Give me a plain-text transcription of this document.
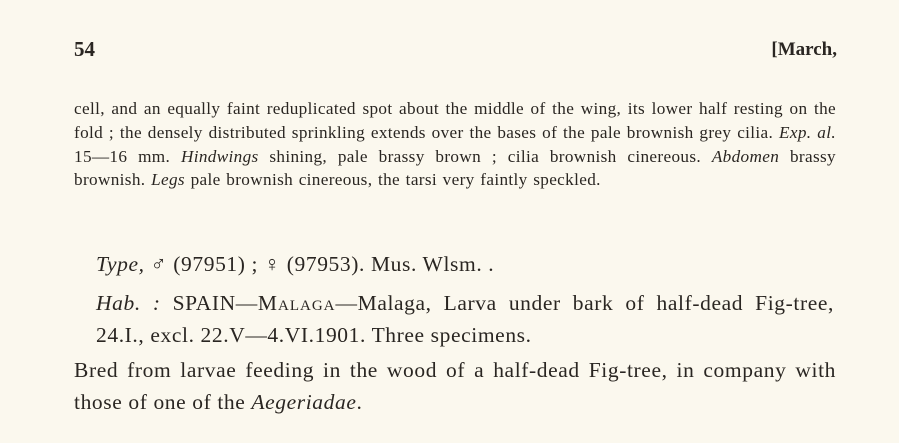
54	[March,
cell, and an equally faint reduplicated spot about the middle of the wing, its lower half resting on the fold ; the densely distributed sprinkling extends over the bases of the pale brownish grey cilia. Exp. al. 15—16 mm. Hindwings shining, pale brassy brown ; cilia brownish cinereous. Abdomen brassy brownish. Legs pale brownish cinereous, the tarsi very faintly speckled.
Type, ♂ (97951) ; ♀ (97953). Mus. Wlsm. .
Hab. : SPAIN—Malaga—Malaga, Larva under bark of half-dead Fig-tree, 24.I., excl. 22.V—4.VI.1901. Three specimens.
Bred from larvae feeding in the wood of a half-dead Fig-tree, in company with those of one of the Aegeriadae.
